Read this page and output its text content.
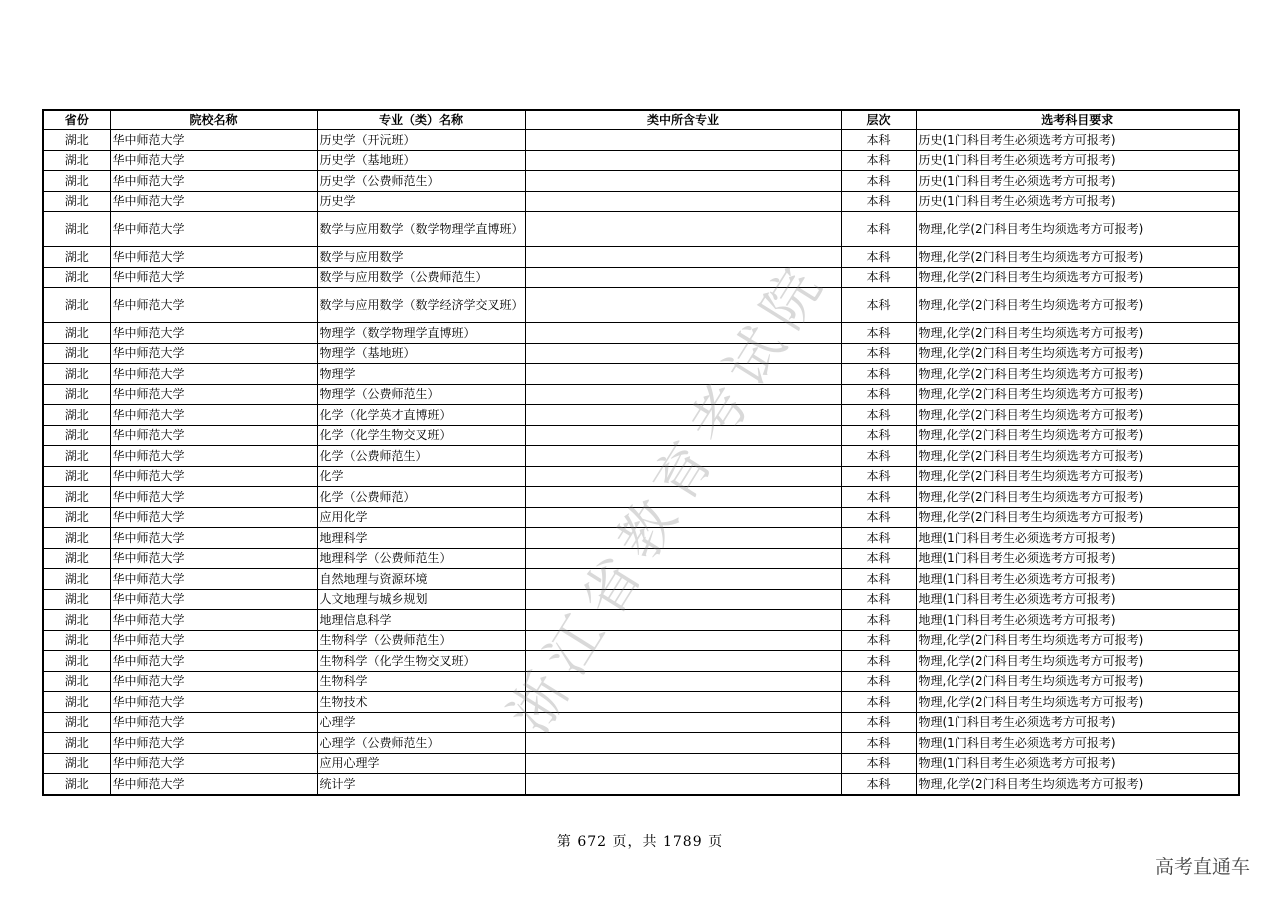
省份	院校名称	专业（类）名称	类中所含专业	层次	选考科目要求
湖北	华中师范大学	历史学（开沅班）		本科	历史(1门科目考生必须选考方可报考)
湖北	华中师范大学	历史学（基地班）		本科	历史(1门科目考生必须选考方可报考)
湖北	华中师范大学	历史学（公费师范生）		本科	历史(1门科目考生必须选考方可报考)
湖北	华中师范大学	历史学		本科	历史(1门科目考生必须选考方可报考)
湖北	华中师范大学	数学与应用数学（数学物理学直博班）		本科	物理,化学(2门科目考生均须选考方可报考)
湖北	华中师范大学	数学与应用数学		本科	物理,化学(2门科目考生均须选考方可报考)
湖北	华中师范大学	数学与应用数学（公费师范生）		本科	物理,化学(2门科目考生均须选考方可报考)
湖北	华中师范大学	数学与应用数学（数学经济学交叉班）		本科	物理,化学(2门科目考生均须选考方可报考)
湖北	华中师范大学	物理学（数学物理学直博班）		本科	物理,化学(2门科目考生均须选考方可报考)
湖北	华中师范大学	物理学（基地班）		本科	物理,化学(2门科目考生均须选考方可报考)
湖北	华中师范大学	物理学		本科	物理,化学(2门科目考生均须选考方可报考)
湖北	华中师范大学	物理学（公费师范生）		本科	物理,化学(2门科目考生均须选考方可报考)
湖北	华中师范大学	化学（化学英才直博班）		本科	物理,化学(2门科目考生均须选考方可报考)
湖北	华中师范大学	化学（化学生物交叉班）		本科	物理,化学(2门科目考生均须选考方可报考)
湖北	华中师范大学	化学（公费师范生）		本科	物理,化学(2门科目考生均须选考方可报考)
湖北	华中师范大学	化学		本科	物理,化学(2门科目考生均须选考方可报考)
湖北	华中师范大学	化学（公费师范）		本科	物理,化学(2门科目考生均须选考方可报考)
湖北	华中师范大学	应用化学		本科	物理,化学(2门科目考生均须选考方可报考)
湖北	华中师范大学	地理科学		本科	地理(1门科目考生必须选考方可报考)
湖北	华中师范大学	地理科学（公费师范生）		本科	地理(1门科目考生必须选考方可报考)
湖北	华中师范大学	自然地理与资源环境		本科	地理(1门科目考生必须选考方可报考)
湖北	华中师范大学	人文地理与城乡规划		本科	地理(1门科目考生必须选考方可报考)
湖北	华中师范大学	地理信息科学		本科	地理(1门科目考生必须选考方可报考)
湖北	华中师范大学	生物科学（公费师范生）		本科	物理,化学(2门科目考生均须选考方可报考)
湖北	华中师范大学	生物科学（化学生物交叉班）		本科	物理,化学(2门科目考生均须选考方可报考)
湖北	华中师范大学	生物科学		本科	物理,化学(2门科目考生均须选考方可报考)
湖北	华中师范大学	生物技术		本科	物理,化学(2门科目考生均须选考方可报考)
湖北	华中师范大学	心理学		本科	物理(1门科目考生必须选考方可报考)
湖北	华中师范大学	心理学（公费师范生）		本科	物理(1门科目考生必须选考方可报考)
湖北	华中师范大学	应用心理学		本科	物理(1门科目考生必须选考方可报考)
湖北	华中师范大学	统计学		本科	物理,化学(2门科目考生均须选考方可报考)
浙江省教育考试院
第 672 页，共 1789 页
高考直通车
